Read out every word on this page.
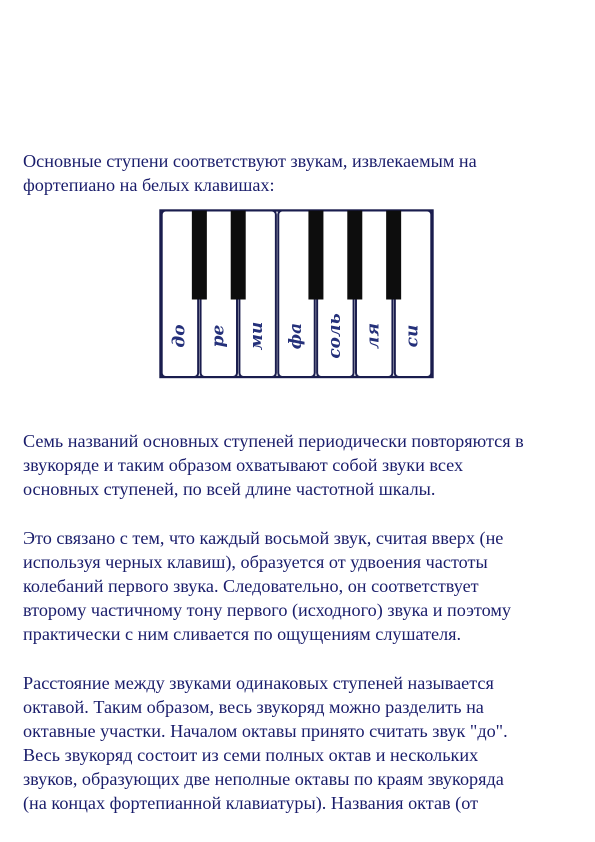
Основные ступени соответствуют звукам, извлекаемым на
фортепиано на белых клавишах:
до ре ми фа соль ля си
Семь названий основных ступеней периодически повторяются в
звукоряде и таким образом охватывают собой звуки всех
основных ступеней, по всей длине частотной шкалы.
Это связано с тем, что каждый восьмой звук, считая вверх (не
используя черных клавиш), образуется от удвоения частоты
колебаний первого звука. Следовательно, он соответствует
второму частичному тону первого (исходного) звука и поэтому
практически с ним сливается по ощущениям слушателя.
Расстояние между звуками одинаковых ступеней называется
октавой. Таким образом, весь звукоряд можно разделить на
октавные участки. Началом октавы принято считать звук "до".
Весь звукоряд состоит из семи полных октав и нескольких
звуков, образующих две неполные октавы по краям звукоряда
(на концах фортепианной клавиатуры). Названия октав (от
